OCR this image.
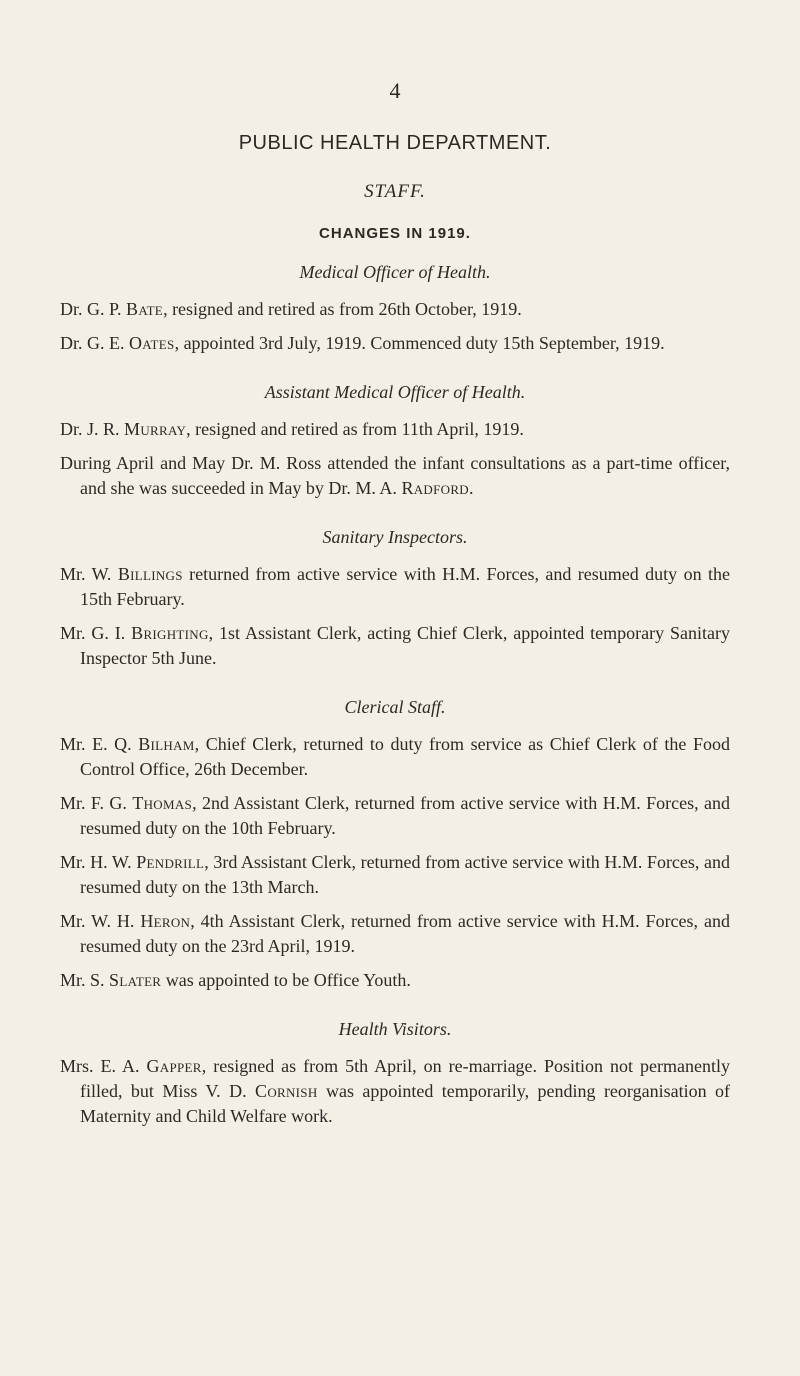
4
PUBLIC HEALTH DEPARTMENT.
STAFF.
CHANGES IN 1919.
Medical Officer of Health.

Dr. G. P. Bate, resigned and retired as from 26th October, 1919.

Dr. G. E. Oates, appointed 3rd July, 1919. Commenced duty 15th September, 1919.

Assistant Medical Officer of Health.

Dr. J. R. Murray, resigned and retired as from 11th April, 1919.

During April and May Dr. M. Ross attended the infant consultations as a part-time officer, and she was succeeded in May by Dr. M. A. Radford.

Sanitary Inspectors.

Mr. W. Billings returned from active service with H.M. Forces, and resumed duty on the 15th February.

Mr. G. I. Brighting, 1st Assistant Clerk, acting Chief Clerk, appointed temporary Sanitary Inspector 5th June.

Clerical Staff.

Mr. E. Q. Bilham, Chief Clerk, returned to duty from service as Chief Clerk of the Food Control Office, 26th December.

Mr. F. G. Thomas, 2nd Assistant Clerk, returned from active service with H.M. Forces, and resumed duty on the 10th February.

Mr. H. W. Pendrill, 3rd Assistant Clerk, returned from active service with H.M. Forces, and resumed duty on the 13th March.

Mr. W. H. Heron, 4th Assistant Clerk, returned from active service with H.M. Forces, and resumed duty on the 23rd April, 1919.

Mr. S. Slater was appointed to be Office Youth.

Health Visitors.

Mrs. E. A. Gapper, resigned as from 5th April, on re-marriage. Position not permanently filled, but Miss V. D. Cornish was appointed temporarily, pending reorganisation of Maternity and Child Welfare work.
